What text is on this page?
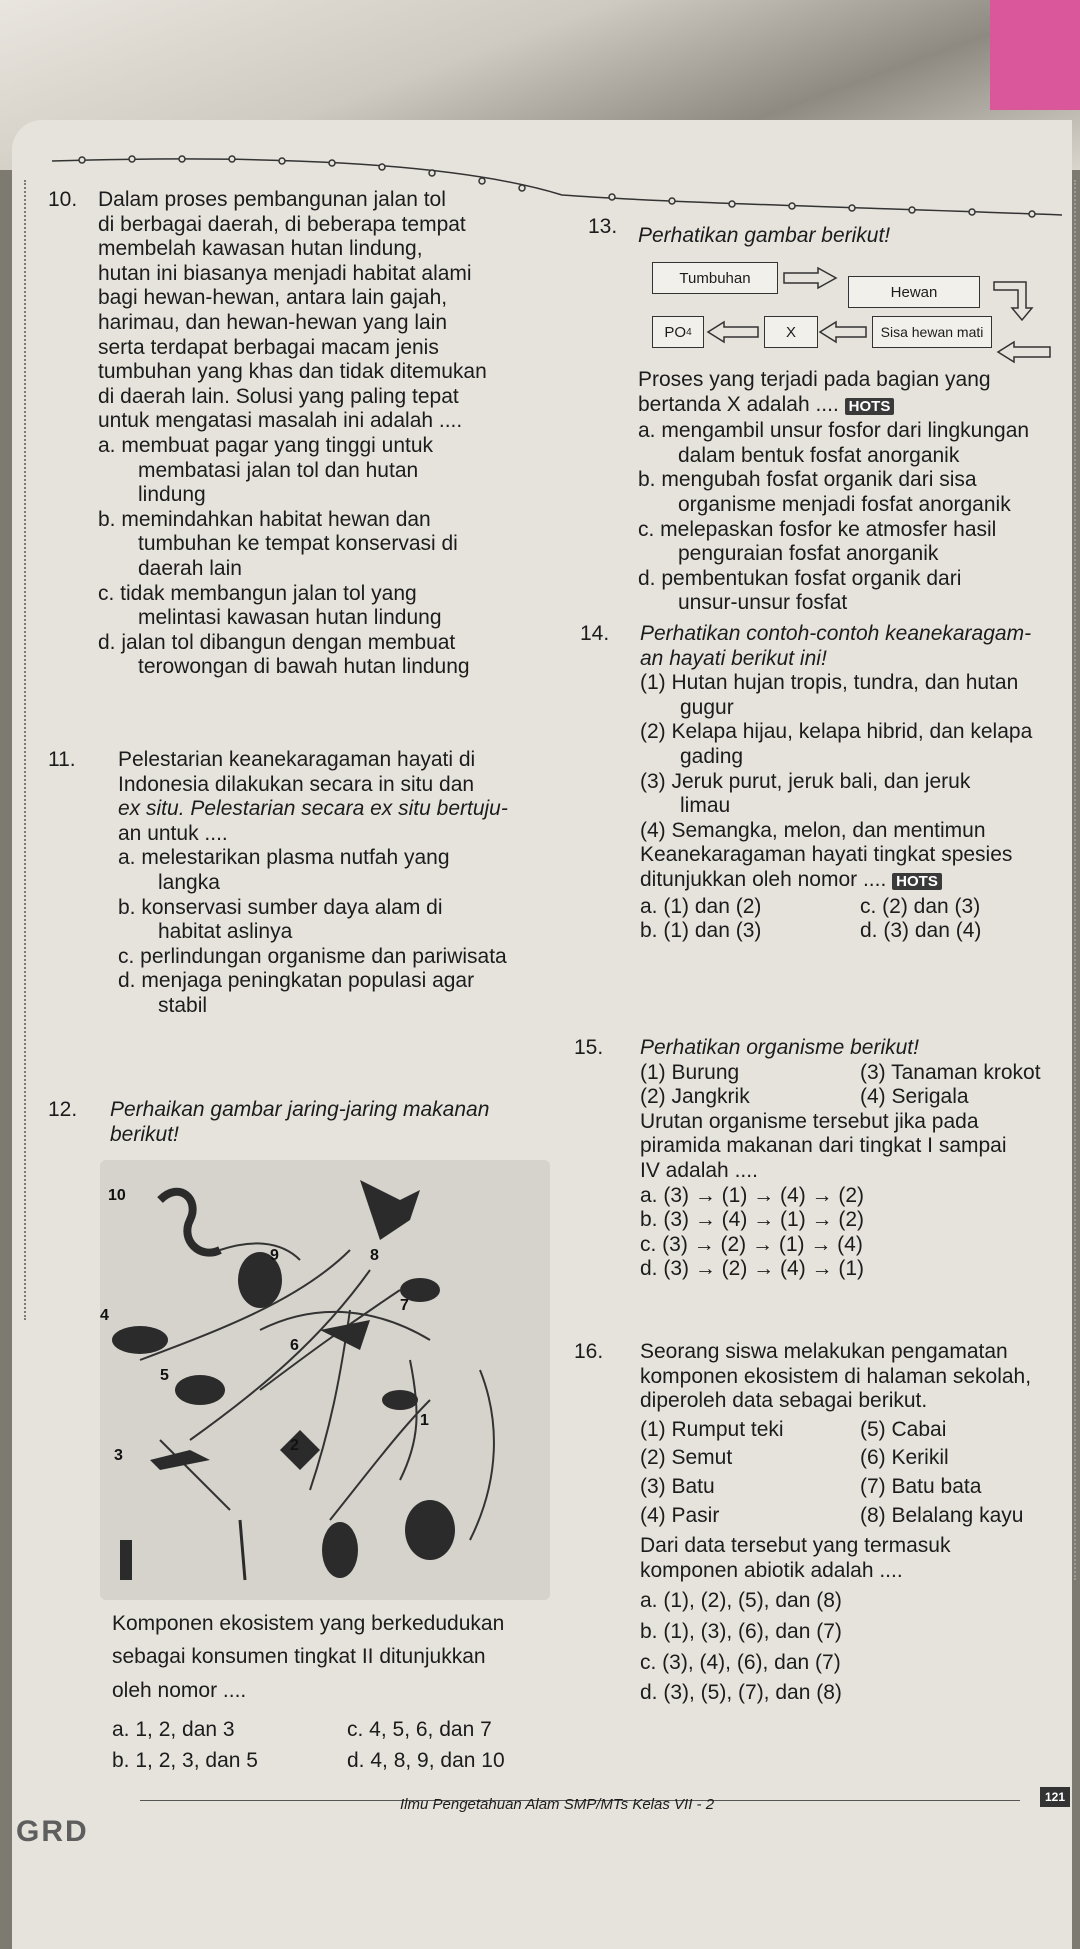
10. Dalam proses pembangunan jalan tol

di berbagai daerah, di beberapa tempat

membelah kawasan hutan lindung,

hutan ini biasanya menjadi habitat alami

bagi hewan-hewan, antara lain gajah,

harimau, dan hewan-hewan yang lain

serta terdapat berbagai macam jenis

tumbuhan yang khas dan tidak ditemukan

di daerah lain. Solusi yang paling tepat

untuk mengatasi masalah ini adalah ....

a. membuat pagar yang tinggi untuk

membatasi jalan tol dan hutan

lindung

b. memindahkan habitat hewan dan

tumbuhan ke tempat konservasi di

daerah lain

c. tidak membangun jalan tol yang

melintasi kawasan hutan lindung

d. jalan tol dibangun dengan membuat

terowongan di bawah hutan lindung

11. Pelestarian keanekaragaman hayati di

Indonesia dilakukan secara in situ dan

ex situ. Pelestarian secara ex situ bertuju-

an untuk ....

a. melestarikan plasma nutfah yang

langka

b. konservasi sumber daya alam di

habitat aslinya

c. perlindungan organisme dan pariwisata

d. menjaga peningkatan populasi agar

stabil

12. Perhaikan gambar jaring-jaring makanan

berikut!

10
8
9
4
7
6
5
1
3
2

Komponen ekosistem yang berkedudukan

sebagai konsumen tingkat II ditunjukkan

oleh nomor ....

a. 1, 2, dan 3	c. 4, 5, 6, dan 7

b. 1, 2, 3, dan 5	d. 4, 8, 9, dan 10

13. Perhatikan gambar berikut!
Tumbuhan
Hewan
PO 4	X	Sisa hewan mati

Proses yang terjadi pada bagian yang

bertanda X adalah .... HOTS

a. mengambil unsur fosfor dari lingkungan

dalam bentuk fosfat anorganik

b. mengubah fosfat organik dari sisa

organisme menjadi fosfat anorganik

c. melepaskan fosfor ke atmosfer hasil

penguraian fosfat anorganik

d. pembentukan fosfat organik dari

unsur-unsur fosfat

14. Perhatikan contoh-contoh keanekaragam-

an hayati berikut ini!

(1) Hutan hujan tropis, tundra, dan hutan

gugur

(2) Kelapa hijau, kelapa hibrid, dan kelapa

gading

(3) Jeruk purut, jeruk bali, dan jeruk

limau

(4) Semangka, melon, dan mentimun

Keanekaragaman hayati tingkat spesies

ditunjukkan oleh nomor .... HOTS

a. (1) dan (2)	c. (2) dan (3)

b. (1) dan (3)	d. (3) dan (4)

15. Perhatikan organisme berikut!

(1) Burung	(3) Tanaman krokot

(2) Jangkrik	(4) Serigala

Urutan organisme tersebut jika pada

piramida makanan dari tingkat I sampai

IV adalah ....

a. (3) → (1) → (4) → (2)

b. (3) → (4) → (1) → (2)

c. (3) → (2) → (1) → (4)

d. (3) → (2) → (4) → (1)

16. Seorang siswa melakukan pengamatan

komponen ekosistem di halaman sekolah,

diperoleh data sebagai berikut.

(1) Rumput teki	(5) Cabai

(2) Semut	(6) Kerikil

(3) Batu	(7) Batu bata

(4) Pasir	(8) Belalang kayu

Dari data tersebut yang termasuk

komponen abiotik adalah ....

a. (1), (2), (5), dan (8)

b. (1), (3), (6), dan (7)

c. (3), (4), (6), dan (7)

d. (3), (5), (7), dan (8)

Ilmu Pengetahuan Alam SMP/MTs Kelas VII - 2	121
GRD
